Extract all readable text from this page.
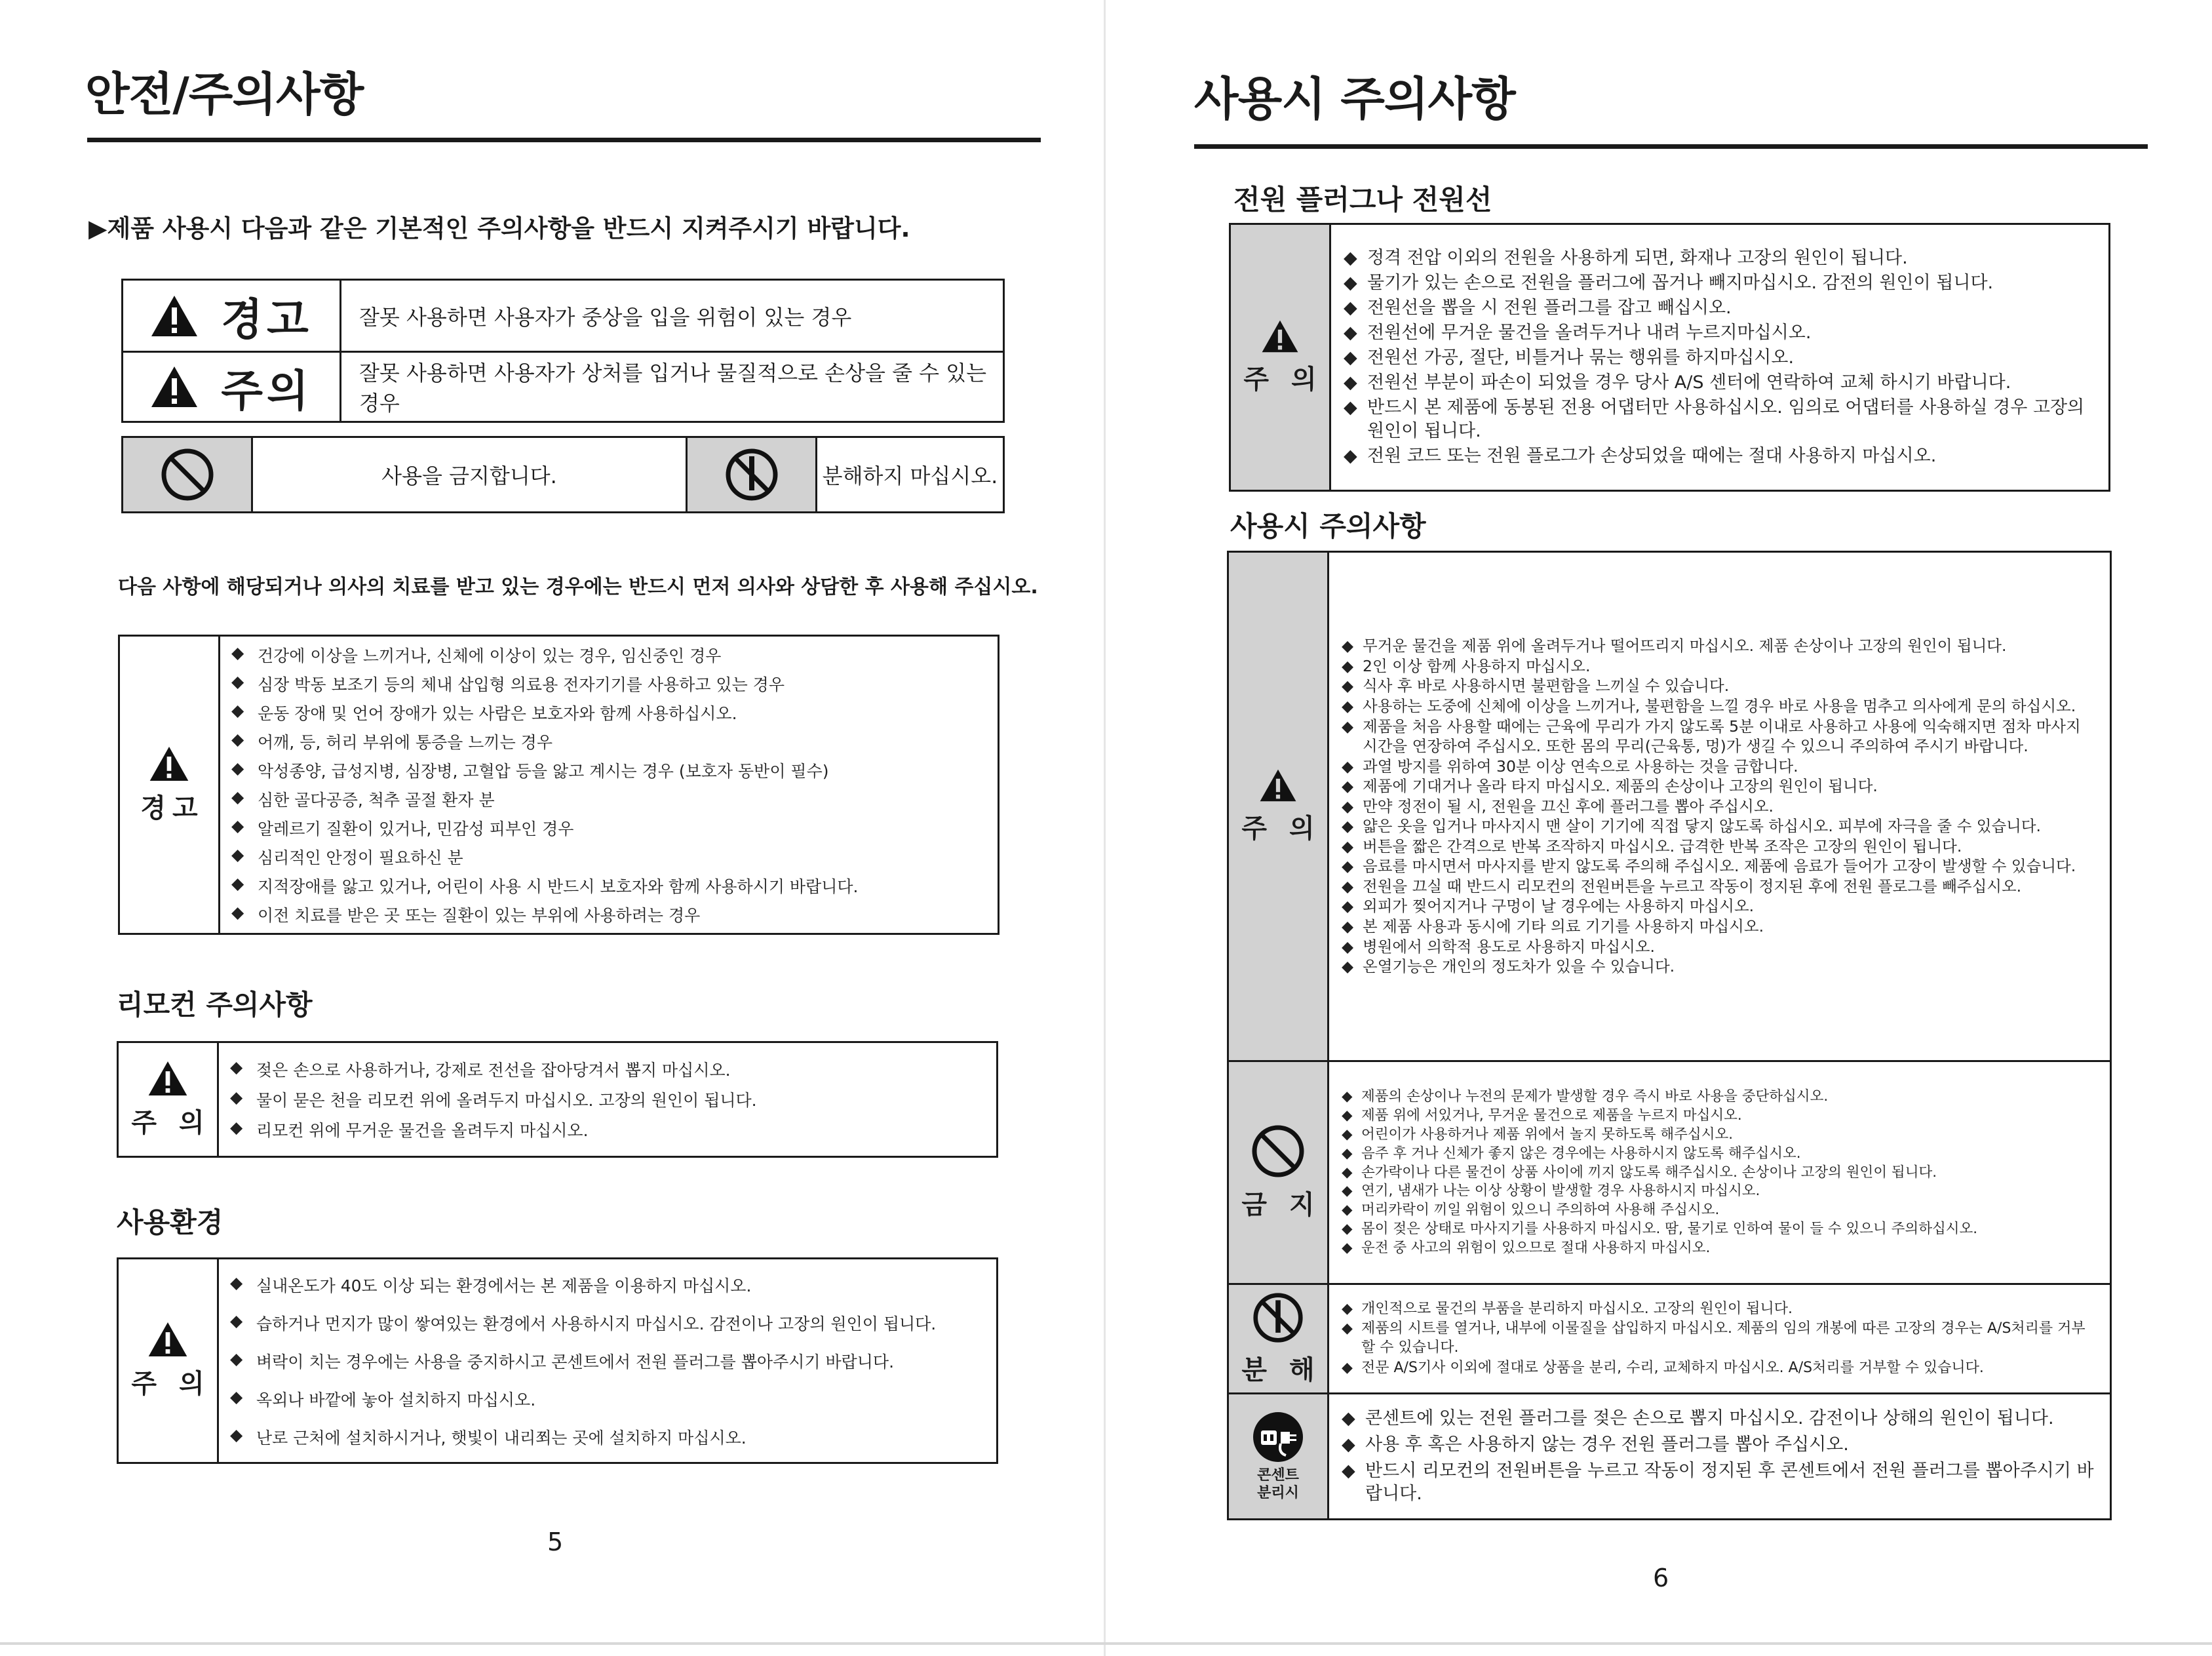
안전/주의사항
▶제품 사용시 다음과 같은 기본적인 주의사항을 반드시 지켜주시기 바랍니다.
경고 잘못 사용하면 사용자가 중상을 입을 위험이 있는 경우
주의 잘못 사용하면 사용자가 상처를 입거나 물질적으로 손상을 줄 수 있는 경우
사용을 금지합니다.	분해하지 마십시오.
다음 사항에 해당되거나 의사의 치료를 받고 있는 경우에는 반드시 먼저 의사와 상담한 후 사용해 주십시오.
경고
◆ 건강에 이상을 느끼거나, 신체에 이상이 있는 경우, 임신중인 경우
◆ 심장 박동 보조기 등의 체내 삽입형 의료용 전자기기를 사용하고 있는 경우
◆ 운동 장애 및 언어 장애가 있는 사람은 보호자와 함께 사용하십시오.
◆ 어깨, 등, 허리 부위에 통증을 느끼는 경우
◆ 악성종양, 급성지병, 심장병, 고혈압 등을 앓고 계시는 경우 (보호자 동반이 필수)
◆ 심한 골다공증, 척추 골절 환자 분
◆ 알레르기 질환이 있거나, 민감성 피부인 경우
◆ 심리적인 안정이 필요하신 분
◆ 지적장애를 앓고 있거나, 어린이 사용 시 반드시 보호자와 함께 사용하시기 바랍니다.
◆ 이전 치료를 받은 곳 또는 질환이 있는 부위에 사용하려는 경우
리모컨 주의사항
주 의
◆ 젖은 손으로 사용하거나, 강제로 전선을 잡아당겨서 뽑지 마십시오.
◆ 물이 묻은 천을 리모컨 위에 올려두지 마십시오. 고장의 원인이 됩니다.
◆ 리모컨 위에 무거운 물건을 올려두지 마십시오.
사용환경
주 의
◆ 실내온도가 40도 이상 되는 환경에서는 본 제품을 이용하지 마십시오.
◆ 습하거나 먼지가 많이 쌓여있는 환경에서 사용하시지 마십시오. 감전이나 고장의 원인이 됩니다.
◆ 벼락이 치는 경우에는 사용을 중지하시고 콘센트에서 전원 플러그를 뽑아주시기 바랍니다.
◆ 옥외나 바깥에 놓아 설치하지 마십시오.
◆ 난로 근처에 설치하시거나, 햇빛이 내리쬐는 곳에 설치하지 마십시오.
5
사용시 주의사항
전원 플러그나 전원선
주 의
◆ 정격 전압 이외의 전원을 사용하게 되면, 화재나 고장의 원인이 됩니다.
◆ 물기가 있는 손으로 전원을 플러그에 꼽거나 빼지마십시오. 감전의 원인이 됩니다.
◆ 전원선을 뽑을 시 전원 플러그를 잡고 빼십시오.
◆ 전원선에 무거운 물건을 올려두거나 내려 누르지마십시오.
◆ 전원선 가공, 절단, 비틀거나 묶는 행위를 하지마십시오.
◆ 전원선 부분이 파손이 되었을 경우 당사 A/S 센터에 연락하여 교체 하시기 바랍니다.
◆ 반드시 본 제품에 동봉된 전용 어댑터만 사용하십시오. 임의로 어댑터를 사용하실 경우 고장의 원인이 됩니다.
◆ 전원 코드 또는 전원 플로그가 손상되었을 때에는 절대 사용하지 마십시오.
사용시 주의사항
주 의
◆ 무거운 물건을 제품 위에 올려두거나 떨어뜨리지 마십시오. 제품 손상이나 고장의 원인이 됩니다.
◆ 2인 이상 함께 사용하지 마십시오.
◆ 식사 후 바로 사용하시면 불편함을 느끼실 수 있습니다.
◆ 사용하는 도중에 신체에 이상을 느끼거나, 불편함을 느낄 경우 바로 사용을 멈추고 의사에게 문의 하십시오.
◆ 제품을 처음 사용할 때에는 근육에 무리가 가지 않도록 5분 이내로 사용하고 사용에 익숙해지면 점차 마사지 시간을 연장하여 주십시오. 또한 몸의 무리(근육통, 멍)가 생길 수 있으니 주의하여 주시기 바랍니다.
◆ 과열 방지를 위하여 30분 이상 연속으로 사용하는 것을 금합니다.
◆ 제품에 기대거나 올라 타지 마십시오. 제품의 손상이나 고장의 원인이 됩니다.
◆ 만약 정전이 될 시, 전원을 끄신 후에 플러그를 뽑아 주십시오.
◆ 얇은 옷을 입거나 마사지시 맨 살이 기기에 직접 닿지 않도록 하십시오. 피부에 자극을 줄 수 있습니다.
◆ 버튼을 짧은 간격으로 반복 조작하지 마십시오. 급격한 반복 조작은 고장의 원인이 됩니다.
◆ 음료를 마시면서 마사지를 받지 않도록 주의해 주십시오. 제품에 음료가 들어가 고장이 발생할 수 있습니다.
◆ 전원을 끄실 때 반드시 리모컨의 전원버튼을 누르고 작동이 정지된 후에 전원 플로그를 빼주십시오.
◆ 외피가 찢어지거나 구멍이 날 경우에는 사용하지 마십시오.
◆ 본 제품 사용과 동시에 기타 의료 기기를 사용하지 마십시오.
◆ 병원에서 의학적 용도로 사용하지 마십시오.
◆ 온열기능은 개인의 정도차가 있을 수 있습니다.
금 지
◆ 제품의 손상이나 누전의 문제가 발생할 경우 즉시 바로 사용을 중단하십시오.
◆ 제품 위에 서있거나, 무거운 물건으로 제품을 누르지 마십시오.
◆ 어린이가 사용하거나 제품 위에서 놀지 못하도록 해주십시오.
◆ 음주 후 거나 신체가 좋지 않은 경우에는 사용하시지 않도록 해주십시오.
◆ 손가락이나 다른 물건이 상품 사이에 끼지 않도록 해주십시오. 손상이나 고장의 원인이 됩니다.
◆ 연기, 냄새가 나는 이상 상황이 발생할 경우 사용하시지 마십시오.
◆ 머리카락이 끼일 위험이 있으니 주의하여 사용해 주십시오.
◆ 몸이 젖은 상태로 마사지기를 사용하지 마십시오. 땀, 물기로 인하여 물이 들 수 있으니 주의하십시오.
◆ 운전 중 사고의 위험이 있으므로 절대 사용하지 마십시오.
분 해
◆ 개인적으로 물건의 부품을 분리하지 마십시오. 고장의 원인이 됩니다.
◆ 제품의 시트를 열거나, 내부에 이물질을 삽입하지 마십시오. 제품의 임의 개봉에 따른 고장의 경우는 A/S처리를 거부할 수 있습니다.
◆ 전문 A/S기사 이외에 절대로 상품을 분리, 수리, 교체하지 마십시오. A/S처리를 거부할 수 있습니다.
콘센트 분리시
◆ 콘센트에 있는 전원 플러그를 젖은 손으로 뽑지 마십시오. 감전이나 상해의 원인이 됩니다.
◆ 사용 후 혹은 사용하지 않는 경우 전원 플러그를 뽑아 주십시오.
◆ 반드시 리모컨의 전원버튼을 누르고 작동이 정지된 후 콘센트에서 전원 플러그를 뽑아주시기 바랍니다.
6
